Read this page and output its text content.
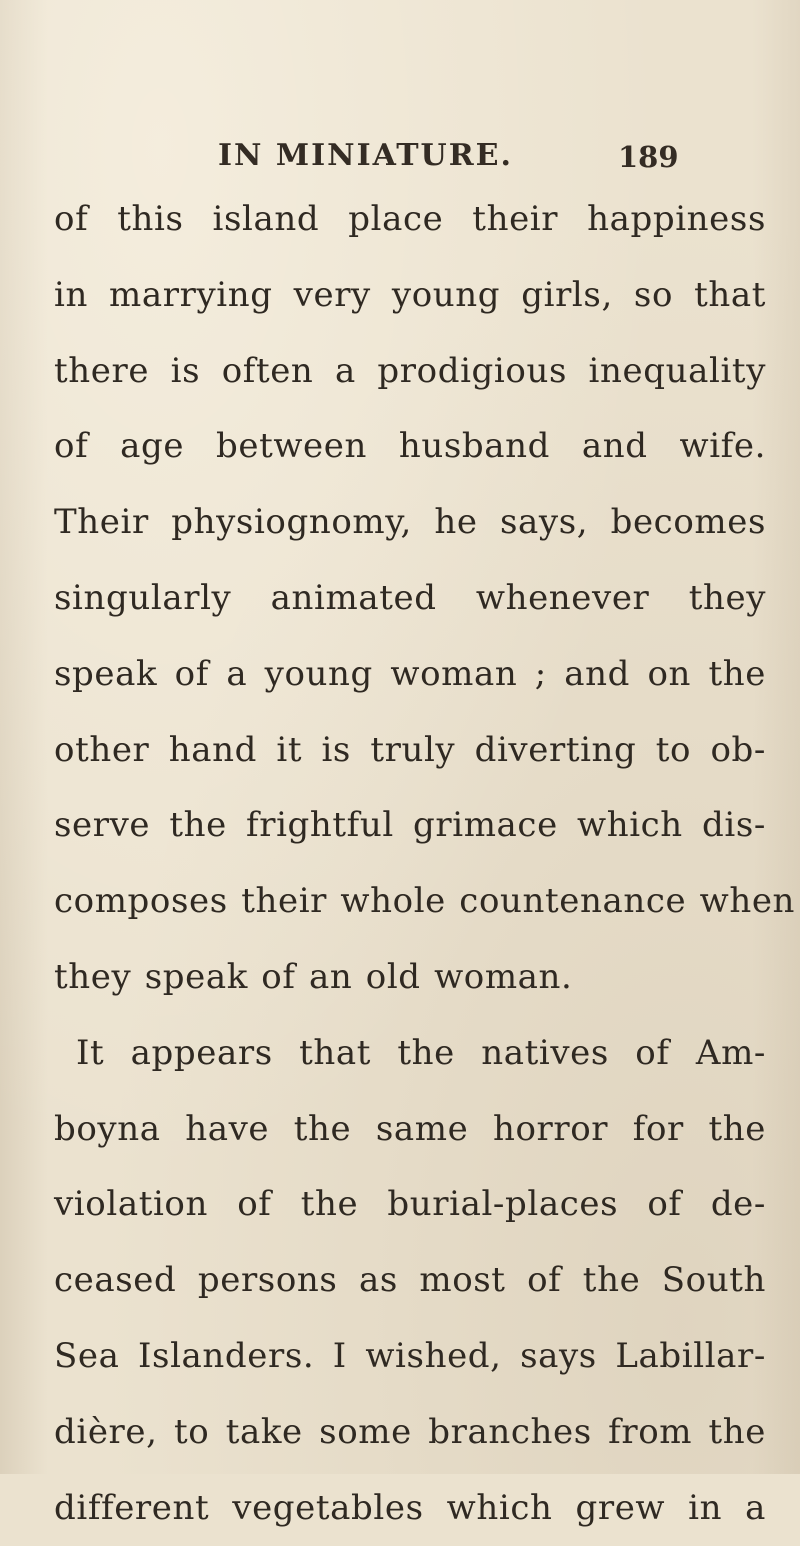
IN MINIATURE.	189
of this island place their happiness
in marrying very young girls, so that
there is often a prodigious inequality
of age between husband and wife.
Their physiognomy, he says, becomes
singularly animated whenever they
speak of a young woman ; and on the
other hand it is truly diverting to ob-
serve the frightful grimace which dis-
composes their whole countenance when
they speak of an old woman.
It appears that the natives of Am-
boyna have the same horror for the
violation of the burial-places of de-
ceased persons as most of the South
Sea Islanders. I wished, says Labillar-
dière, to take some branches from the
different vegetables which grew in a
